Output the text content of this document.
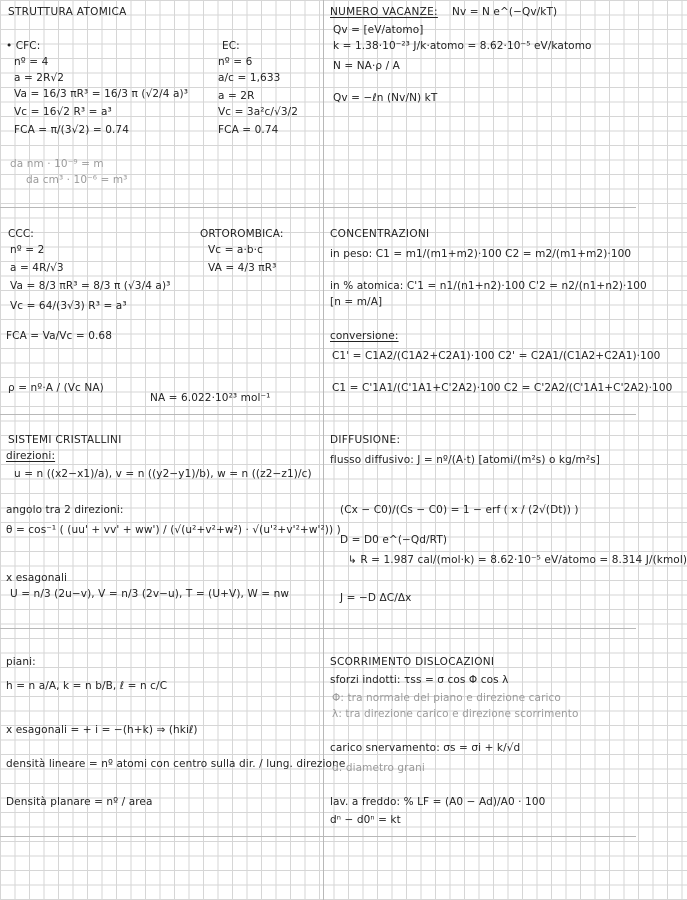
STRUTTURA ATOMICA
• CFC:
nº = 4
a = 2R√2
Va = 16/3 πR³ = 16/3 π (√2/4 a)³
Vc = 16√2 R³ = a³
FCA = π/(3√2) = 0.74
EC:
nº = 6
a/c = 1,633
a = 2R
Vc = 3a²c/√3/2
FCA = 0.74
da nm · 10⁻⁹ = m
da cm³ · 10⁻⁶ = m³
NUMERO VACANZE: Nv = N e^(−Qv/kT)
Qv = [eV/atomo]
k = 1.38·10⁻²³ J/k·atomo = 8.62·10⁻⁵ eV/katomo
N = NA·ρ / A
Qv = −ℓn (Nv/N) kT
CCC:
nº = 2
a = 4R/√3
Va = 8/3 πR³ = 8/3 π (√3/4 a)³
Vc = 64/(3√3) R³ = a³
FCA = Va/Vc = 0.68
ρ = nº·A / (Vc NA)
NA = 6.022·10²³ mol⁻¹
ORTOROMBICA:
Vc = a·b·c
VA = 4/3 πR³
CONCENTRAZIONI
in peso: C1 = m1/(m1+m2)·100 C2 = m2/(m1+m2)·100
in % atomica: C'1 = n1/(n1+n2)·100 C'2 = n2/(n1+n2)·100
[n = m/A]
conversione:
C1' = C1A2/(C1A2+C2A1)·100 C2' = C2A1/(C1A2+C2A1)·100
C1 = C'1A1/(C'1A1+C'2A2)·100 C2 = C'2A2/(C'1A1+C'2A2)·100
SISTEMI CRISTALLINI
direzioni:
u = n ((x2−x1)/a), v = n ((y2−y1)/b), w = n ((z2−z1)/c)
angolo tra 2 direzioni:
θ = cos⁻¹ ( (uu' + vv' + ww') / (√(u²+v²+w²) · √(u'²+v'²+w'²)) )
x esagonali
U = n/3 (2u−v), V = n/3 (2v−u), T = (U+V), W = nw
DIFFUSIONE:
flusso diffusivo: J = nº/(A·t) [atomi/(m²s) o kg/m²s]
(Cx − C0)/(Cs − C0) = 1 − erf ( x / (2√(Dt)) )
D = D0 e^(−Qd/RT)
↳ R = 1.987 cal/(mol·k) = 8.62·10⁻⁵ eV/atomo = 8.314 J/(kmol)
J = −D ΔC/Δx
piani:
h = n a/A, k = n b/B, ℓ = n c/C
x esagonali = + i = −(h+k) ⇒ (hkiℓ)
densità lineare = nº atomi con centro sulla dir. / lung. direzione
Densità planare = nº / area
SCORRIMENTO DISLOCAZIONI
sforzi indotti: τss = σ cos Φ cos λ
Φ: tra normale del piano e direzione carico
λ: tra direzione carico e direzione scorrimento
carico snervamento: σs = σi + k/√d
d: diametro grani
lav. a freddo: % LF = (A0 − Ad)/A0 · 100
dⁿ − d0ⁿ = kt
